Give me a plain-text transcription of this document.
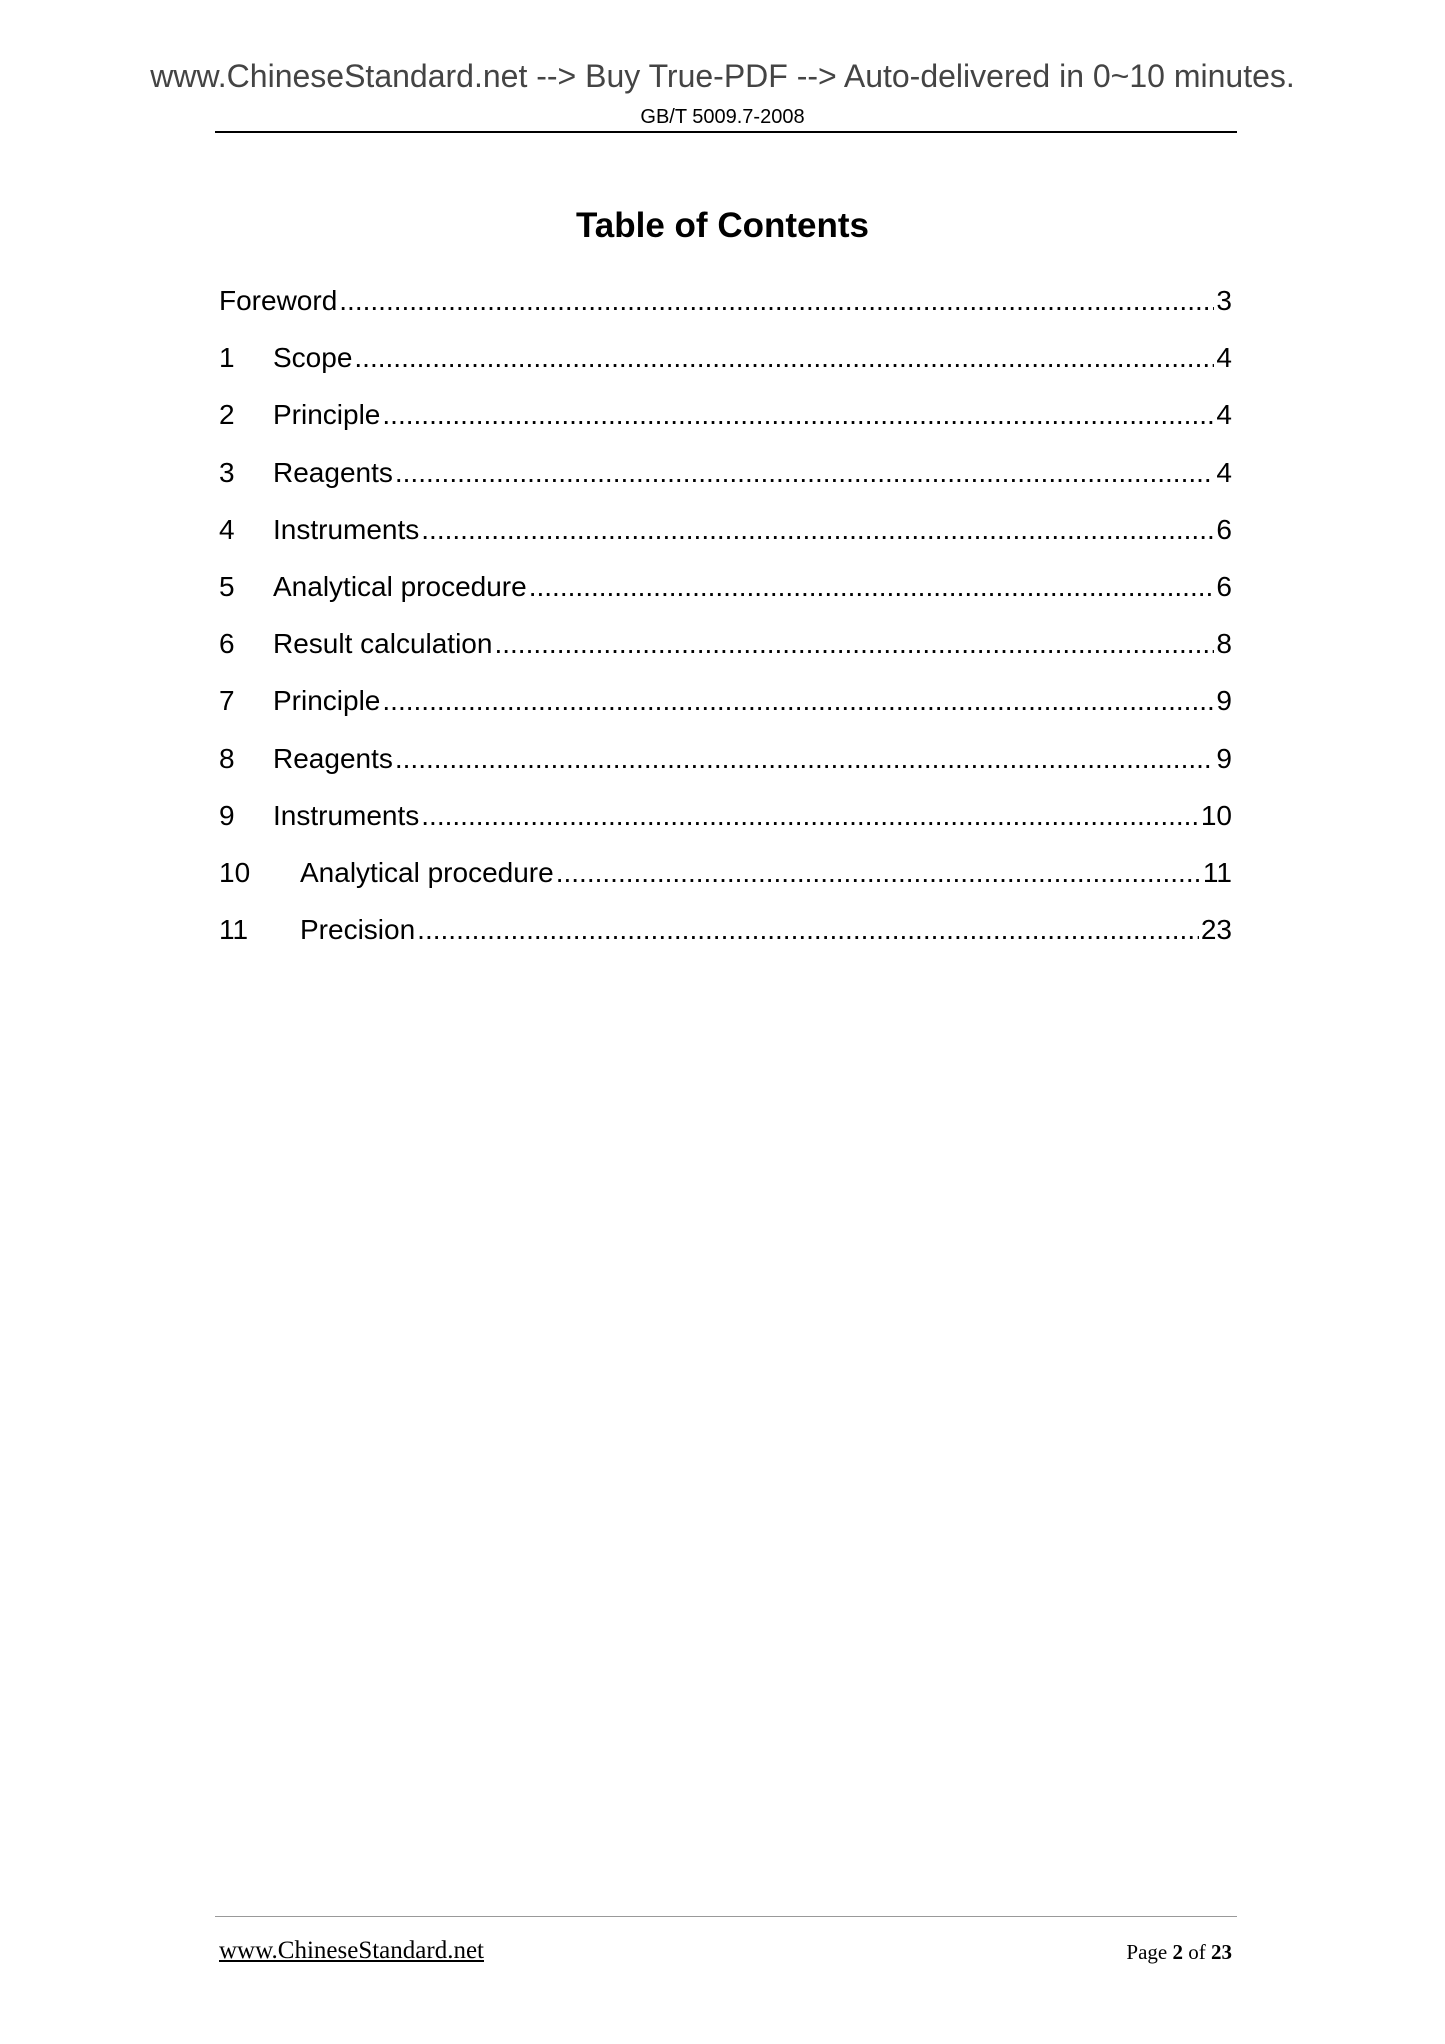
www.ChineseStandard.net --> Buy True-PDF --> Auto-delivered in 0~10 minutes.
GB/T 5009.7-2008
Table of Contents
Foreword .....	3
1	Scope .....	4
2	Principle .....	4
3	Reagents .....	4
4	Instruments .....	6
5	Analytical procedure .....	6
6	Result calculation .....	8
7	Principle .....	9
8	Reagents .....	9
9	Instruments .....	10
10	Analytical procedure .....	11
11	Precision .....	23
www.ChineseStandard.net	Page 2 of 23
